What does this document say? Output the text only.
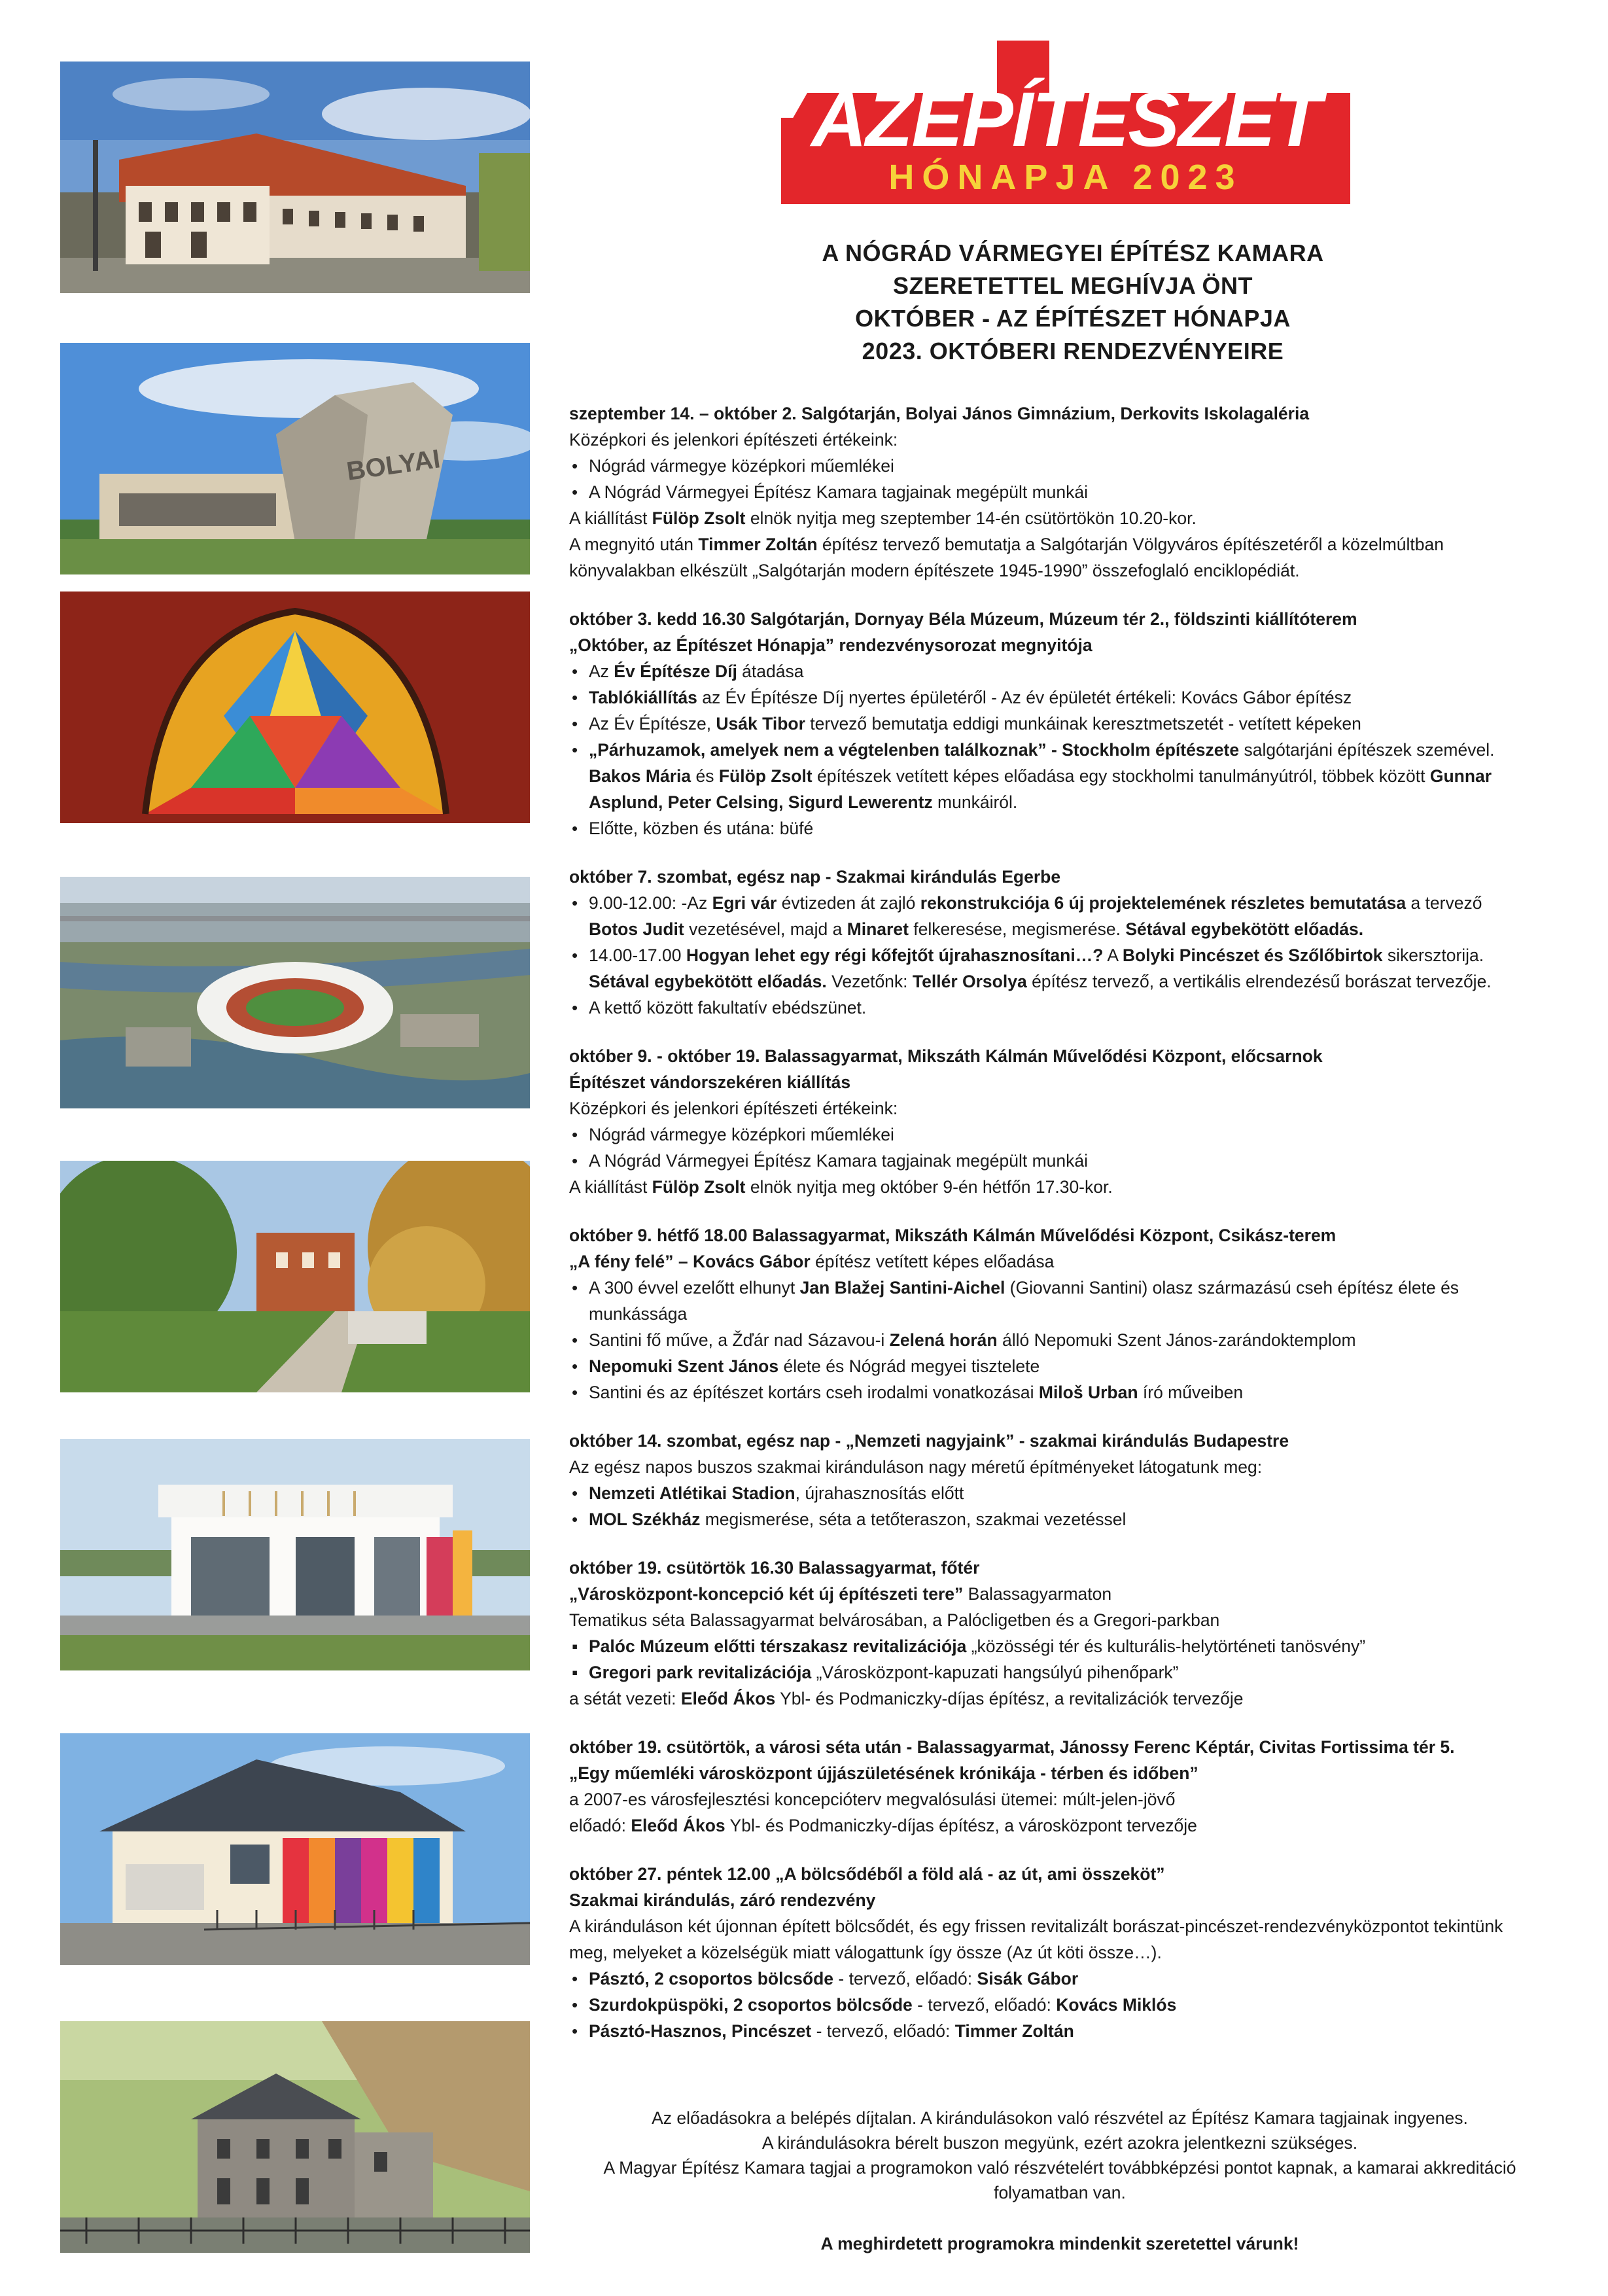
BOLYAI
AZÉPÍTÉSZET
HÓNAPJA 2023
A NÓGRÁD VÁRMEGYEI ÉPÍTÉSZ KAMARA
SZERETETTEL MEGHÍVJA ÖNT
OKTÓBER - AZ ÉPÍTÉSZET HÓNAPJA
2023. OKTÓBERI RENDEZVÉNYEIRE
szeptember 14. – október 2. Salgótarján, Bolyai János Gimnázium, Derkovits Iskolagaléria
Középkori és jelenkori építészeti értékeink:
• Nógrád vármegye középkori műemlékei
• A Nógrád Vármegyei Építész Kamara tagjainak megépült munkái
A kiállítást Fülöp Zsolt elnök nyitja meg szeptember 14-én csütörtökön 10.20-kor.
A megnyitó után Timmer Zoltán építész tervező bemutatja a Salgótarján Völgyváros építészetéről a közelmúltban
könyvalakban elkészült „Salgótarján modern építészete 1945-1990” összefoglaló enciklopédiát.
október 3. kedd 16.30 Salgótarján, Dornyay Béla Múzeum, Múzeum tér 2., földszinti kiállítóterem
„Október, az Építészet Hónapja” rendezvénysorozat megnyitója
• Az Év Építésze Díj átadása
• Tablókiállítás az Év Építésze Díj nyertes épületéről - Az év épületét értékeli: Kovács Gábor építész
• Az Év Építésze, Usák Tibor tervező bemutatja eddigi munkáinak keresztmetszetét - vetített képeken
• „Párhuzamok, amelyek nem a végtelenben találkoznak” - Stockholm építészete salgótarjáni építészek szemével.
Bakos Mária és Fülöp Zsolt építészek vetített képes előadása egy stockholmi tanulmányútról, többek között Gunnar
Asplund, Peter Celsing, Sigurd Lewerentz munkáiról.
• Előtte, közben és utána: büfé
október 7. szombat, egész nap - Szakmai kirándulás Egerbe
• 9.00-12.00: -Az Egri vár évtizeden át zajló rekonstrukciója 6 új projektelemének részletes bemutatása a tervező
Botos Judit vezetésével, majd a Minaret felkeresése, megismerése. Sétával egybekötött előadás.
• 14.00-17.00 Hogyan lehet egy régi kőfejtőt újrahasznosítani…? A Bolyki Pincészet és Szőlőbirtok sikersztorija.
Sétával egybekötött előadás. Vezetőnk: Tellér Orsolya építész tervező, a vertikális elrendezésű borászat tervezője.
• A kettő között fakultatív ebédszünet.
október 9. - október 19. Balassagyarmat, Mikszáth Kálmán Művelődési Központ, előcsarnok
Építészet vándorszekéren kiállítás
Középkori és jelenkori építészeti értékeink:
• Nógrád vármegye középkori műemlékei
• A Nógrád Vármegyei Építész Kamara tagjainak megépült munkái
A kiállítást Fülöp Zsolt elnök nyitja meg október 9-én hétfőn 17.30-kor.
október 9. hétfő 18.00 Balassagyarmat, Mikszáth Kálmán Művelődési Központ, Csikász-terem
„A fény felé” – Kovács Gábor építész vetített képes előadása
• A 300 évvel ezelőtt elhunyt Jan Blažej Santini-Aichel (Giovanni Santini) olasz származású cseh építész élete és
munkássága
• Santini fő műve, a Žďár nad Sázavou-i Zelená horán álló Nepomuki Szent János-zarándoktemplom
• Nepomuki Szent János élete és Nógrád megyei tisztelete
• Santini és az építészet kortárs cseh irodalmi vonatkozásai Miloš Urban író műveiben
október 14. szombat, egész nap - „Nemzeti nagyjaink” - szakmai kirándulás Budapestre
Az egész napos buszos szakmai kiránduláson nagy méretű építményeket látogatunk meg:
• Nemzeti Atlétikai Stadion, újrahasznosítás előtt
• MOL Székház megismerése, séta a tetőteraszon, szakmai vezetéssel
október 19. csütörtök 16.30 Balassagyarmat, főtér
„Városközpont-koncepció két új építészeti tere” Balassagyarmaton
Tematikus séta Balassagyarmat belvárosában, a Palócligetben és a Gregori-parkban
▪ Palóc Múzeum előtti térszakasz revitalizációja „közösségi tér és kulturális-helytörténeti tanösvény”
▪ Gregori park revitalizációja „Városközpont-kapuzati hangsúlyú pihenőpark”
a sétát vezeti: Eleőd Ákos Ybl- és Podmaniczky-díjas építész, a revitalizációk tervezője
október 19. csütörtök, a városi séta után - Balassagyarmat, Jánossy Ferenc Képtár, Civitas Fortissima tér 5.
„Egy műemléki városközpont újjászületésének krónikája - térben és időben”
a 2007-es városfejlesztési koncepcióterv megvalósulási ütemei: múlt-jelen-jövő
előadó: Eleőd Ákos Ybl- és Podmaniczky-díjas építész, a városközpont tervezője
október 27. péntek 12.00 „A bölcsődéből a föld alá - az út, ami összeköt”
Szakmai kirándulás, záró rendezvény
A kiránduláson két újonnan épített bölcsődét, és egy frissen revitalizált borászat-pincészet-rendezvényközpontot tekintünk
meg, melyeket a közelségük miatt válogattunk így össze (Az út köti össze…).
• Pásztó, 2 csoportos bölcsőde - tervező, előadó: Sisák Gábor
• Szurdokpüspöki, 2 csoportos bölcsőde - tervező, előadó: Kovács Miklós
• Pásztó-Hasznos, Pincészet - tervező, előadó: Timmer Zoltán
Az előadásokra a belépés díjtalan. A kirándulásokon való részvétel az Építész Kamara tagjainak ingyenes.
A kirándulásokra bérelt buszon megyünk, ezért azokra jelentkezni szükséges.
A Magyar Építész Kamara tagjai a programokon való részvételért továbbképzési pontot kapnak, a kamarai akkreditáció
folyamatban van.
A meghirdetett programokra mindenkit szeretettel várunk!
